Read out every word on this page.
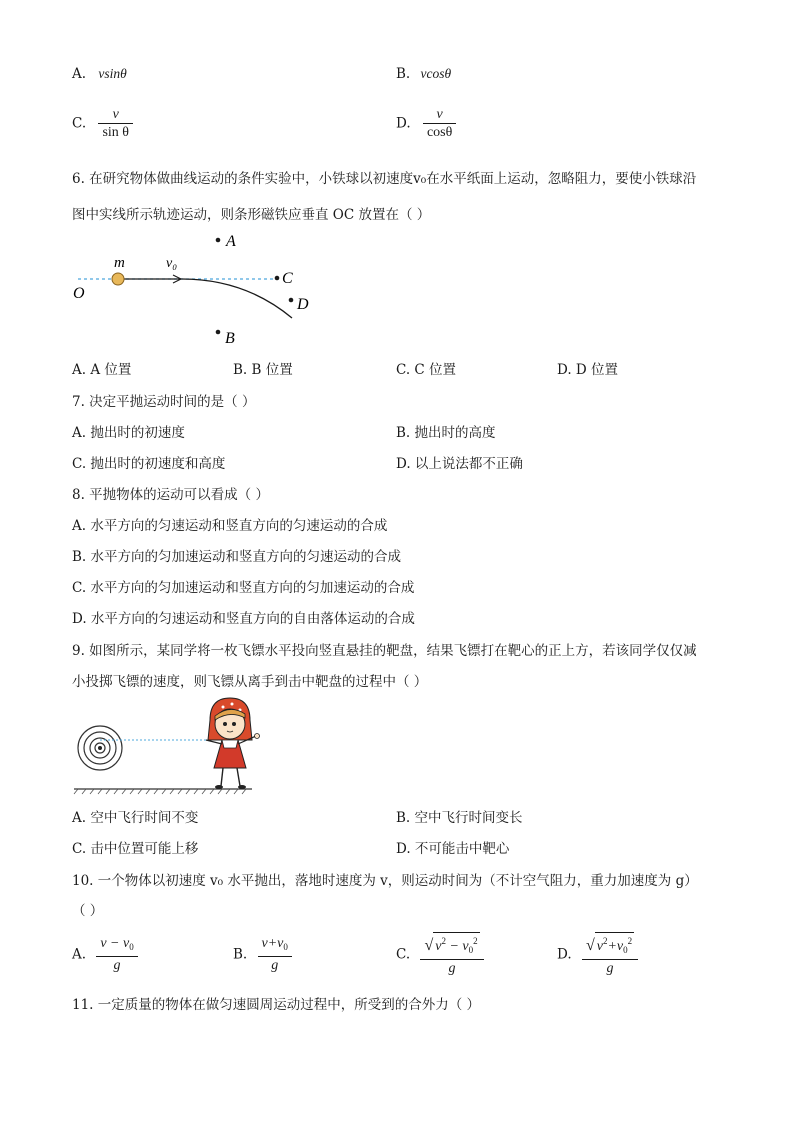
A. vsinθ	B. vcosθ
C. $\frac{v}{\text{sin θ}}$	D. $\frac{v}{\cos\theta}$
6. 在研究物体做曲线运动的条件实验中，小铁球以初速度v₀在水平纸面上运动，忽略阻力，要使小铁球沿
图中实线所示轨迹运动，则条形磁铁应垂直 OC 放置在（ ）
A
C
D
B
O
m	v₀
A. A 位置	B. B 位置	C. C 位置	D. D 位置
7. 决定平抛运动时间的是（ ）
A. 抛出时的初速度	B. 抛出时的高度
C. 抛出时的初速度和高度	D. 以上说法都不正确
8. 平抛物体的运动可以看成（ ）
A. 水平方向的匀速运动和竖直方向的匀速运动的合成
B. 水平方向的匀加速运动和竖直方向的匀速运动的合成
C. 水平方向的匀加速运动和竖直方向的匀加速运动的合成
D. 水平方向的匀速运动和竖直方向的自由落体运动的合成
9. 如图所示，某同学将一枚飞镖水平投向竖直悬挂的靶盘，结果飞镖打在靶心的正上方，若该同学仅仅减
小投掷飞镖的速度，则飞镖从离手到击中靶盘的过程中（ ）
A. 空中飞行时间不变	B. 空中飞行时间变长
C. 击中位置可能上移	D. 不可能击中靶心
10. 一个物体以初速度 v₀ 水平抛出，落地时速度为 v，则运动时间为（不计空气阻力，重力加速度为 g）
（ ）
A. $\frac{v - v_0}{g}$	B. $\frac{v+v_0}{g}$	C. $\frac{√ v^2 - v_0^2}{g}$	D. $\frac{√ v^2+v_0^2}{g}$
11. 一定质量的物体在做匀速圆周运动过程中，所受到的合外力（ ）
